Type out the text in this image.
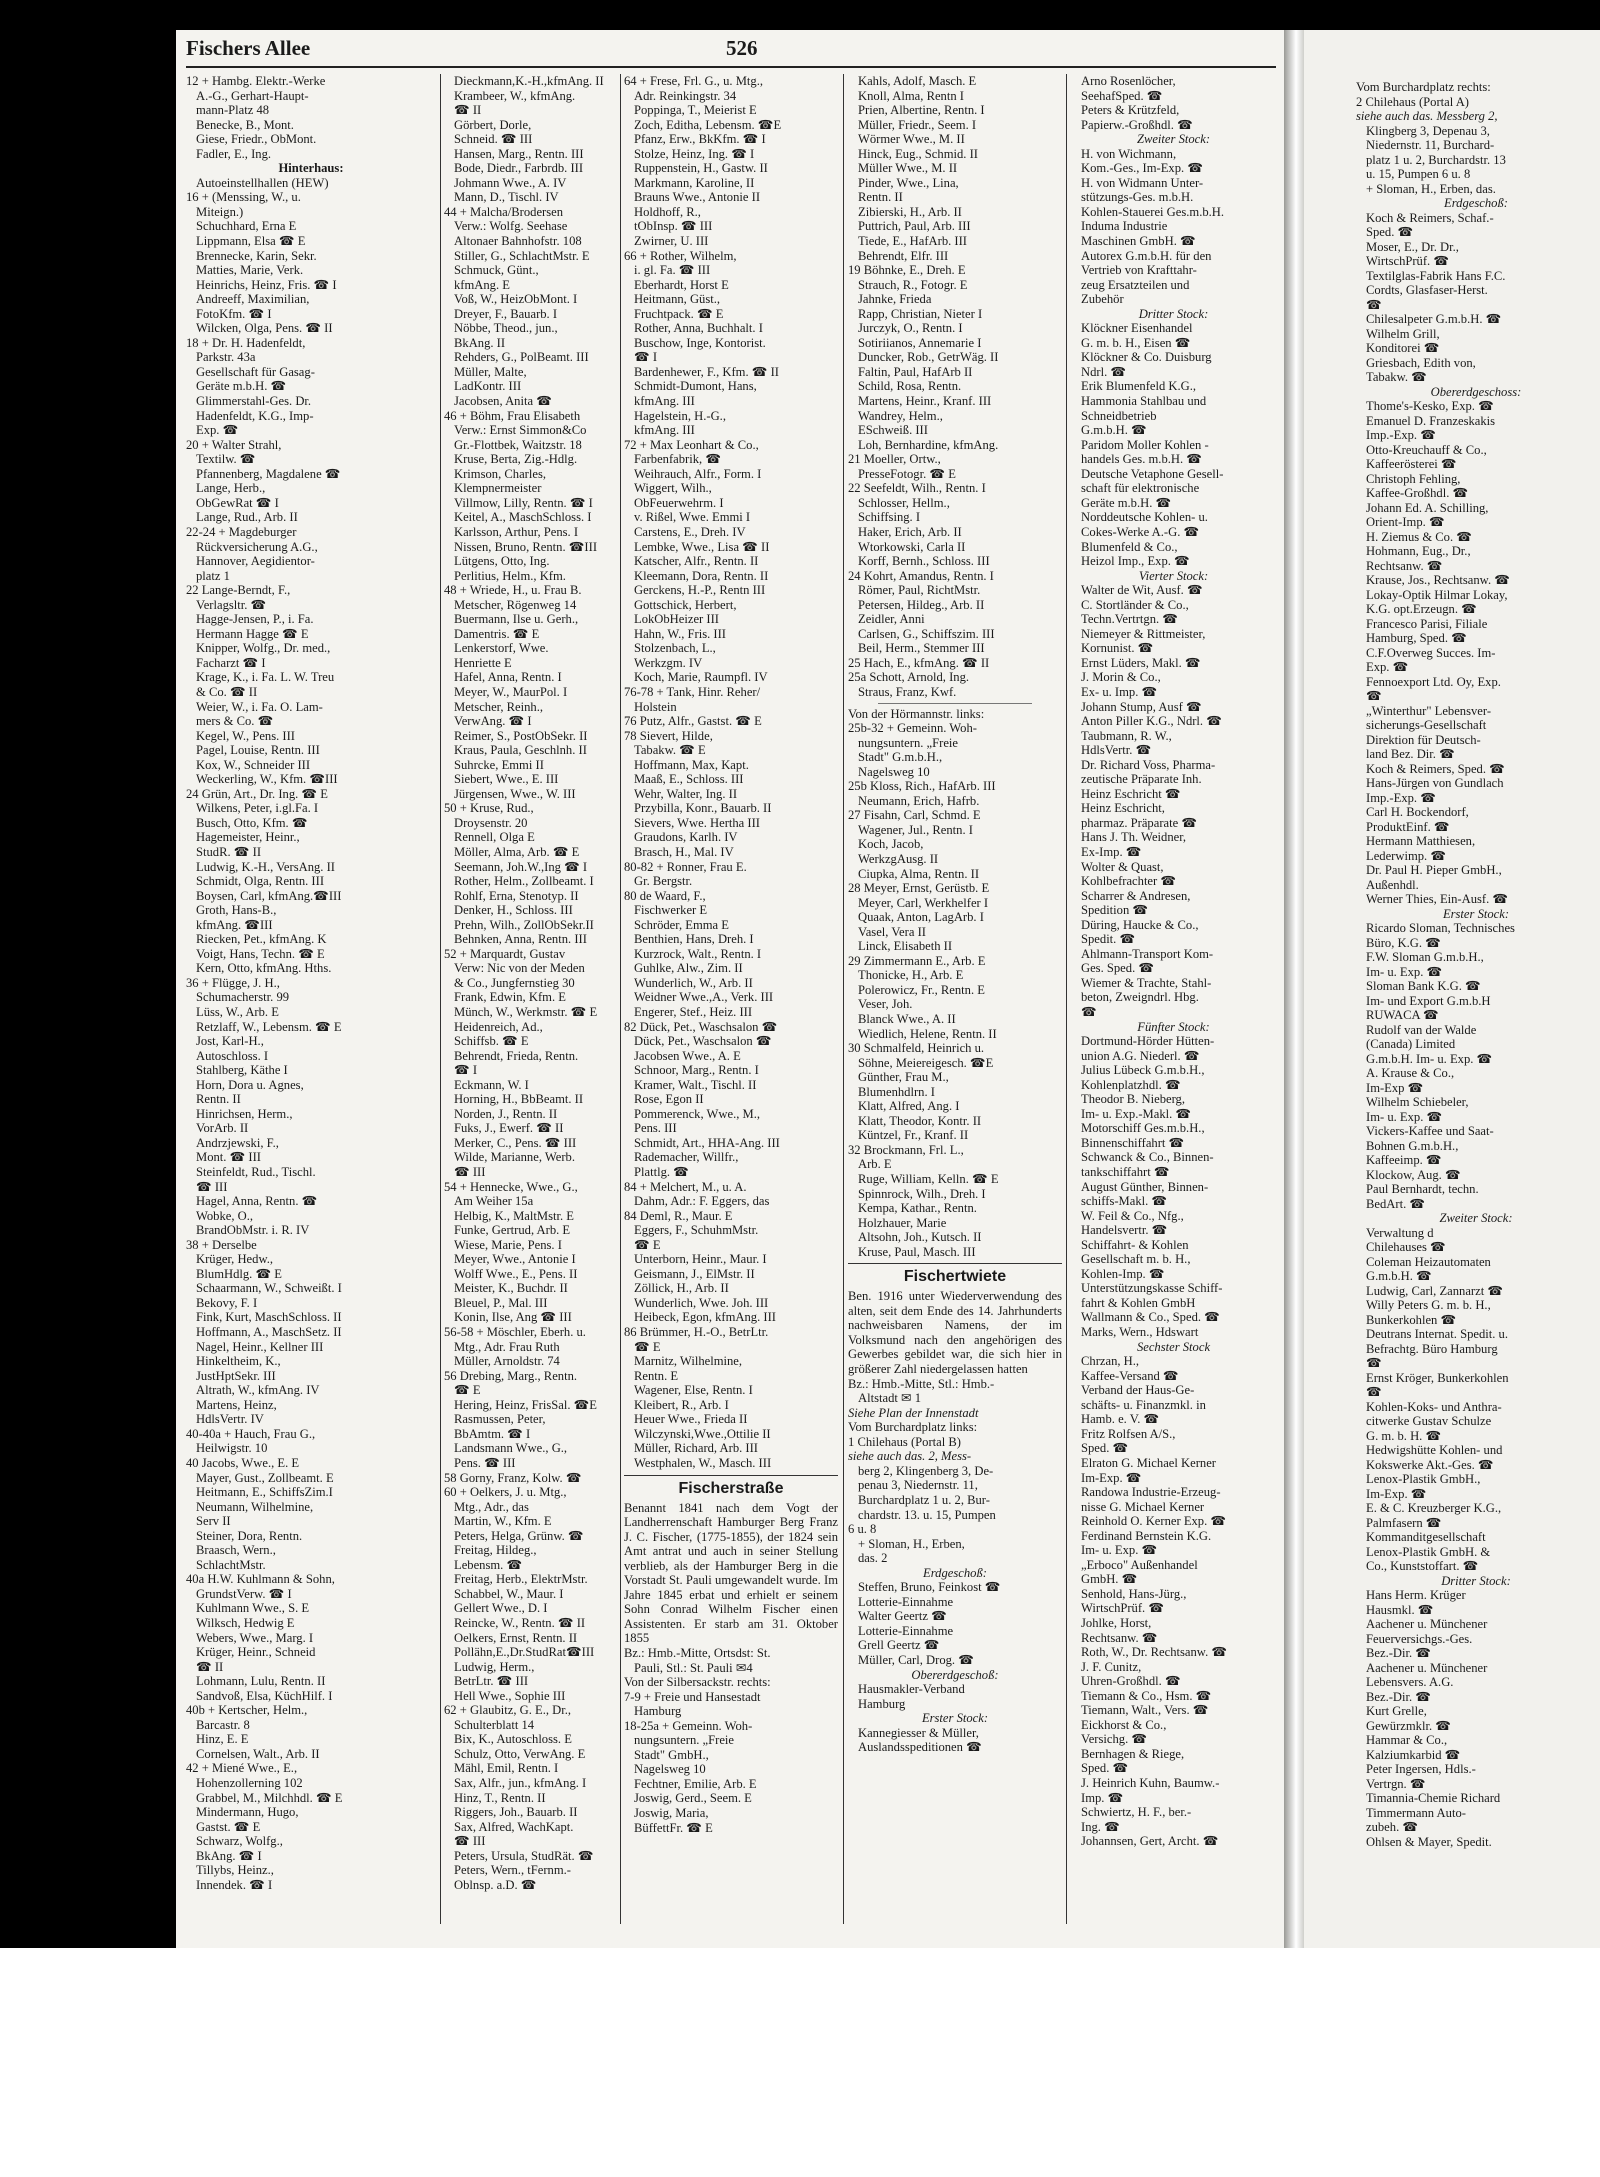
Fischers Allee	526
12 + Hambg. Elektr.-Werke
A.-G., Gerhart-Haupt-
mann-Platz 48
Benecke, B., Mont.
Giese, Friedr., ObMont.
Fadler, E., Ing.
Hinterhaus:
Autoeinstellhallen (HEW)
16 + (Menssing, W., u.
Miteign.)
Schuchhard, Erna E
Lippmann, Elsa ☎ E
Brennecke, Karin, Sekr.
Matties, Marie, Verk.
Heinrichs, Heinz, Fris. ☎ I
Andreeff, Maximilian,
FotoKfm. ☎ I
Wilcken, Olga, Pens. ☎ II
18 + Dr. H. Hadenfeldt,
Parkstr. 43a
Gesellschaft für Gasag-
Geräte m.b.H. ☎
Glimmerstahl-Ges. Dr.
Hadenfeldt, K.G., Imp-
Exp. ☎
20 + Walter Strahl,
Textilw. ☎
Pfannenberg, Magdalene ☎
Lange, Herb.,
ObGewRat ☎ I
Lange, Rud., Arb. II
22-24 + Magdeburger
Rückversicherung A.G.,
Hannover, Aegidientor-
platz 1
22 Lange-Berndt, F.,
Verlagsltr. ☎
Hagge-Jensen, P., i. Fa.
Hermann Hagge ☎ E
Knipper, Wolfg., Dr. med.,
Facharzt ☎ I
Krage, K., i. Fa. L. W. Treu
& Co. ☎ II
Weier, W., i. Fa. O. Lam-
mers & Co. ☎
Kegel, W., Pens. III
Pagel, Louise, Rentn. III
Kox, W., Schneider III
Weckerling, W., Kfm. ☎III
24 Grün, Art., Dr. Ing. ☎ E
Wilkens, Peter, i.gl.Fa. I
Busch, Otto, Kfm. ☎
Hagemeister, Heinr.,
StudR. ☎ II
Ludwig, K.-H., VersAng. II
Schmidt, Olga, Rentn. III
Boysen, Carl, kfmAng.☎III
Groth, Hans-B.,
kfmAng. ☎III
Riecken, Pet., kfmAng. K
Voigt, Hans, Techn. ☎ E
Kern, Otto, kfmAng. Hths.
36 + Flügge, J. H.,
Schumacherstr. 99
Lüss, W., Arb. E
Retzlaff, W., Lebensm. ☎ E
Jost, Karl-H.,
Autoschloss. I
Stahlberg, Käthe I
Horn, Dora u. Agnes,
Rentn. II
Hinrichsen, Herm.,
VorArb. II
Andrzjewski, F.,
Mont. ☎ III
Steinfeldt, Rud., Tischl.
☎ III
Hagel, Anna, Rentn. ☎
Wobke, O.,
BrandObMstr. i. R. IV
38 + Derselbe
Krüger, Hedw.,
BlumHdlg. ☎ E
Schaarmann, W., Schweißt. I
Bekovy, F. I
Fink, Kurt, MaschSchloss. II
Hoffmann, A., MaschSetz. II
Nagel, Heinr., Kellner III
Hinkeltheim, K.,
JustHptSekr. III
Altrath, W., kfmAng. IV
Martens, Heinz,
HdlsVertr. IV
40-40a + Hauch, Frau G.,
Heilwigstr. 10
40 Jacobs, Wwe., E. E
Mayer, Gust., Zollbeamt. E
Heitmann, E., SchiffsZim.I
Neumann, Wilhelmine,
Serv II
Steiner, Dora, Rentn.
Braasch, Wern.,
SchlachtMstr.
40a H.W. Kuhlmann & Sohn,
GrundstVerw. ☎ I
Kuhlmann Wwe., S. E
Wilksch, Hedwig E
Webers, Wwe., Marg. I
Krüger, Heinr., Schneid
☎ II
Lohmann, Lulu, Rentn. II
Sandvoß, Elsa, KüchHilf. I
40b + Kertscher, Helm.,
Barcastr. 8
Hinz, E. E
Cornelsen, Walt., Arb. II
42 + Miené Wwe., E.,
Hohenzollerning 102
Grabbel, M., Milchhdl. ☎ E
Mindermann, Hugo,
Gastst. ☎ E
Schwarz, Wolfg.,
BkAng. ☎ I
Tillybs, Heinz.,
Innendek. ☎ I
Dieckmann,K.-H.,kfmAng. II
Krambeer, W., kfmAng.
☎ II
Görbert, Dorle,
Schneid. ☎ III
Hansen, Marg., Rentn. III
Bode, Diedr., Farbrdb. III
Johmann Wwe., A. IV
Mann, D., Tischl. IV
44 + Malcha/Brodersen
Verw.: Wolfg. Seehase
Altonaer Bahnhofstr. 108
Stiller, G., SchlachtMstr. E
Schmuck, Günt.,
kfmAng. E
Voß, W., HeizObMont. I
Dreyer, F., Bauarb. I
Nöbbe, Theod., jun.,
BkAng. II
Rehders, G., PolBeamt. III
Müller, Malte,
LadKontr. III
Jacobsen, Anita ☎
46 + Böhm, Frau Elisabeth
Verw.: Ernst Simmon&Co
Gr.-Flottbek, Waitzstr. 18
Kruse, Berta, Zig.-Hdlg.
Krimson, Charles,
Klempnermeister
Villmow, Lilly, Rentn. ☎ I
Keitel, A., MaschSchloss. I
Karlsson, Arthur, Pens. I
Nissen, Bruno, Rentn. ☎III
Lütgens, Otto, Ing.
Perlitius, Helm., Kfm.
48 + Wriede, H., u. Frau B.
Metscher, Rögenweg 14
Buermann, Ilse u. Gerh.,
Damentris. ☎ E
Lenkerstorf, Wwe.
Henriette E
Hafel, Anna, Rentn. I
Meyer, W., MaurPol. I
Metscher, Reinh.,
VerwAng. ☎ I
Reimer, S., PostObSekr. II
Kraus, Paula, Geschlnh. II
Suhrcke, Emmi II
Siebert, Wwe., E. III
Jürgensen, Wwe., W. III
50 + Kruse, Rud.,
Droysenstr. 20
Rennell, Olga E
Möller, Alma, Arb. ☎ E
Seemann, Joh.W.,Ing ☎ I
Rother, Helm., Zollbeamt. I
Rohlf, Erna, Stenotyp. II
Denker, H., Schloss. III
Prehn, Wilh., ZollObSekr.II
Behnken, Anna, Rentn. III
52 + Marquardt, Gustav
Verw: Nic von der Meden
& Co., Jungfernstieg 30
Frank, Edwin, Kfm. E
Münch, W., Werkmstr. ☎ E
Heidenreich, Ad.,
Schiffsb. ☎ E
Behrendt, Frieda, Rentn.
☎ I
Eckmann, W. I
Horning, H., BbBeamt. II
Norden, J., Rentn. II
Fuks, J., Ewerf. ☎ II
Merker, C., Pens. ☎ III
Wilde, Marianne, Werb.
☎ III
54 + Hennecke, Wwe., G.,
Am Weiher 15a
Helbig, K., MaltMstr. E
Funke, Gertrud, Arb. E
Wiese, Marie, Pens. I
Meyer, Wwe., Antonie I
Wolff Wwe., E., Pens. II
Meister, K., Buchdr. II
Bleuel, P., Mal. III
Konin, Ilse, Ang ☎ III
56-58 + Möschler, Eberh. u.
Mtg., Adr. Frau Ruth
Müller, Arnoldstr. 74
56 Drebing, Marg., Rentn.
☎ E
Hering, Heinz, FrisSal. ☎E
Rasmussen, Peter,
BbAmtm. ☎ I
Landsmann Wwe., G.,
Pens. ☎ III
58 Gorny, Franz, Kolw. ☎
60 + Oelkers, J. u. Mtg.,
Mtg., Adr., das
Martin, W., Kfm. E
Peters, Helga, Grünw. ☎
Freitag, Hildeg.,
Lebensm. ☎
Freitag, Herb., ElektrMstr.
Schabbel, W., Maur. I
Gellert Wwe., D. I
Reincke, W., Rentn. ☎ II
Oelkers, Ernst, Rentn. II
Pollähn,E.,Dr.StudRat☎III
Ludwig, Herm.,
BetrLtr. ☎ III
Hell Wwe., Sophie III
62 + Glaubitz, G. E., Dr.,
Schulterblatt 14
Bix, K., Autoschloss. E
Schulz, Otto, VerwAng. E
Mähl, Emil, Rentn. I
Sax, Alfr., jun., kfmAng. I
Hinz, T., Rentn. II
Riggers, Joh., Bauarb. II
Sax, Alfred, WachKapt.
☎ III
Peters, Ursula, StudRät. ☎
Peters, Wern., tFernm.-
Oblnsp. a.D. ☎
64 + Frese, Frl. G., u. Mtg.,
Adr. Reinkingstr. 34
Poppinga, T., Meierist E
Zoch, Editha, Lebensm. ☎E
Pfanz, Erw., BkKfm. ☎ I
Stolze, Heinz, Ing. ☎ I
Ruppenstein, H., Gastw. II
Markmann, Karoline, II
Brauns Wwe., Antonie II
Holdhoff, R.,
tObInsp. ☎ III
Zwirner, U. III
66 + Rother, Wilhelm,
i. gl. Fa. ☎ III
Eberhardt, Horst E
Heitmann, Güst.,
Fruchtpack. ☎ E
Rother, Anna, Buchhalt. I
Buschow, Inge, Kontorist.
☎ I
Bardenhewer, F., Kfm. ☎ II
Schmidt-Dumont, Hans,
kfmAng. III
Hagelstein, H.-G.,
kfmAng. III
72 + Max Leonhart & Co.,
Farbenfabrik, ☎
Weihrauch, Alfr., Form. I
Wiggert, Wilh.,
ObFeuerwehrm. I
v. Rißel, Wwe. Emmi I
Carstens, E., Dreh. IV
Lembke, Wwe., Lisa ☎ II
Katscher, Alfr., Rentn. II
Kleemann, Dora, Rentn. II
Gerckens, H.-P., Rentn III
Gottschick, Herbert,
LokObHeizer III
Hahn, W., Fris. III
Stolzenbach, L.,
Werkzgm. IV
Koch, Marie, Raumpfl. IV
76-78 + Tank, Hinr. Reher/
Holstein
76 Putz, Alfr., Gastst. ☎ E
78 Sievert, Hilde,
Tabakw. ☎ E
Hoffmann, Max, Kapt.
Maaß, E., Schloss. III
Wehr, Walter, Ing. II
Przybilla, Konr., Bauarb. II
Sievers, Wwe. Hertha III
Graudons, Karlh. IV
Brasch, H., Mal. IV
80-82 + Ronner, Frau E.
Gr. Bergstr.
80 de Waard, F.,
Fischwerker E
Schröder, Emma E
Benthien, Hans, Dreh. I
Kurzrock, Walt., Rentn. I
Guhlke, Alw., Zim. II
Wunderlich, W., Arb. II
Weidner Wwe.,A., Verk. III
Engerer, Stef., Heiz. III
82 Dück, Pet., Waschsalon ☎
Dück, Pet., Waschsalon ☎
Jacobsen Wwe., A. E
Schnoor, Marg., Rentn. I
Kramer, Walt., Tischl. II
Rose, Egon II
Pommerenck, Wwe., M.,
Pens. III
Schmidt, Art., HHA-Ang. III
Rademacher, Willfr.,
Plattlg. ☎
84 + Melchert, M., u. A.
Dahm, Adr.: F. Eggers, das
84 Deml, R., Maur. E
Eggers, F., SchuhmMstr.
☎ E
Unterborn, Heinr., Maur. I
Geismann, J., ElMstr. II
Zöllick, H., Arb. II
Wunderlich, Wwe. Joh. III
Heibeck, Egon, kfmAng. III
86 Brümmer, H.-O., BetrLtr.
☎ E
Marnitz, Wilhelmine,
Rentn. E
Wagener, Else, Rentn. I
Kleibert, R., Arb. I
Heuer Wwe., Frieda II
Wilczynski,Wwe.,Ottilie II
Müller, Richard, Arb. III
Westphalen, W., Masch. III
Fischerstraße
Benannt 1841 nach dem Vogt der Landherrenschaft Hamburger Berg Franz J. C. Fischer, (1775-1855), der 1824 sein Amt antrat und auch in seiner Stellung verblieb, als der Hamburger Berg in die Vorstadt St. Pauli umgewandelt wurde. Im Jahre 1845 erbat und erhielt er seinem Sohn Conrad Wilhelm Fischer einen Assistenten. Er starb am 31. Oktober 1855
Bz.: Hmb.-Mitte, Ortsdst: St.
Pauli, Stl.: St. Pauli ✉4
Von der Silbersackstr. rechts:
7-9 + Freie und Hansestadt
Hamburg
18-25a + Gemeinn. Woh-
nungsuntern. „Freie
Stadt" GmbH.,
Nagelsweg 10
Fechtner, Emilie, Arb. E
Joswig, Gerd., Seem. E
Joswig, Maria,
BüffettFr. ☎ E
Kahls, Adolf, Masch. E
Knoll, Alma, Rentn I
Prien, Albertine, Rentn. I
Müller, Friedr., Seem. I
Wörmer Wwe., M. II
Hinck, Eug., Schmid. II
Müller Wwe., M. II
Pinder, Wwe., Lina,
Rentn. II
Zibierski, H., Arb. II
Puttrich, Paul, Arb. III
Tiede, E., HafArb. III
Behrendt, Elfr. III
19 Böhnke, E., Dreh. E
Strauch, R., Fotogr. E
Jahnke, Frieda
Rapp, Christian, Nieter I
Jurczyk, O., Rentn. I
Sotiriianos, Annemarie I
Duncker, Rob., GetrWäg. II
Faltin, Paul, HafArb II
Schild, Rosa, Rentn.
Martens, Heinr., Kranf. III
Wandrey, Helm.,
ESchweiß. III
Loh, Bernhardine, kfmAng.
21 Moeller, Ortw.,
PresseFotogr. ☎ E
22 Seefeldt, Wilh., Rentn. I
Schlosser, Hellm.,
Schiffsing. I
Haker, Erich, Arb. II
Wtorkowski, Carla II
Korff, Bernh., Schloss. III
24 Kohrt, Amandus, Rentn. I
Römer, Paul, RichtMstr.
Petersen, Hildeg., Arb. II
Zeidler, Anni
Carlsen, G., Schiffszim. III
Beil, Herm., Stemmer III
25 Hach, E., kfmAng. ☎ II
25a Schott, Arnold, Ing.
Straus, Franz, Kwf.
Von der Hörmannstr. links:
25b-32 + Gemeinn. Woh-
nungsuntern. „Freie
Stadt" G.m.b.H.,
Nagelsweg 10
25b Kloss, Rich., HafArb. III
Neumann, Erich, Hafrb.
27 Fisahn, Carl, Schmd. E
Wagener, Jul., Rentn. I
Koch, Jacob,
WerkzgAusg. II
Ciupka, Alma, Rentn. II
28 Meyer, Ernst, Gerüstb. E
Meyer, Carl, Werkhelfer I
Quaak, Anton, LagArb. I
Vasel, Vera II
Linck, Elisabeth II
29 Zimmermann E., Arb. E
Thonicke, H., Arb. E
Polerowicz, Fr., Rentn. E
Veser, Joh.
Blanck Wwe., A. II
Wiedlich, Helene, Rentn. II
30 Schmalfeld, Heinrich u.
Söhne, Meiereigesch. ☎E
Günther, Frau M.,
Blumenhdlrn. I
Klatt, Alfred, Ang. I
Klatt, Theodor, Kontr. II
Küntzel, Fr., Kranf. II
32 Brockmann, Frl. L.,
Arb. E
Ruge, William, Kelln. ☎ E
Spinnrock, Wilh., Dreh. I
Kempa, Kathar., Rentn.
Holzhauer, Marie
Altsohn, Joh., Kutsch. II
Kruse, Paul, Masch. III
Fischertwiete
Ben. 1916 unter Wiederverwendung des alten, seit dem Ende des 14. Jahrhunderts nachweisbaren Namens, der im Volksmund nach den angehörigen des Gewerbes gebildet war, die sich hier in größerer Zahl niedergelassen hatten
Bz.: Hmb.-Mitte, Stl.: Hmb.-
Altstadt ✉ 1
Siehe Plan der Innenstadt
Vom Burchardplatz links:
1 Chilehaus (Portal B)
siehe auch das. 2, Mess-
berg 2, Klingenberg 3, De-
penau 3, Niedernstr. 11,
Burchardplatz 1 u. 2, Bur-
chardstr. 13. u. 15, Pumpen
6 u. 8
+ Sloman, H., Erben,
das. 2
Erdgeschoß:
Steffen, Bruno, Feinkost ☎
Lotterie-Einnahme
Walter Geertz ☎
Lotterie-Einnahme
Grell Geertz ☎
Müller, Carl, Drog. ☎
Obererdgeschoß:
Hausmakler-Verband
Hamburg
Erster Stock:
Kannegiesser & Müller,
Auslandsspeditionen ☎
Arno Rosenlöcher,
SeehafSped. ☎
Peters & Krützfeld,
Papierw.-Großhdl. ☎
Zweiter Stock:
H. von Wichmann,
Kom.-Ges., Im-Exp. ☎
H. von Widmann Unter-
stützungs-Ges. m.b.H.
Kohlen-Stauerei Ges.m.b.H.
Induma Industrie
Maschinen GmbH. ☎
Autorex G.m.b.H. für den
Vertrieb von Krafttahr-
zeug Ersatzteilen und
Zubehör
Dritter Stock:
Klöckner Eisenhandel
G. m. b. H., Eisen ☎
Klöckner & Co. Duisburg
Ndrl. ☎
Erik Blumenfeld K.G.,
Hammonia Stahlbau und
Schneidbetrieb
G.m.b.H. ☎
Paridom Moller Kohlen -
handels Ges. m.b.H. ☎
Deutsche Vetaphone Gesell-
schaft für elektronische
Geräte m.b.H. ☎
Norddeutsche Kohlen- u.
Cokes-Werke A.-G. ☎
Blumenfeld & Co.,
Heizol Imp., Exp. ☎
Vierter Stock:
Walter de Wit, Ausf. ☎
C. Stortländer & Co.,
Techn.Vertrtgn. ☎
Niemeyer & Rittmeister,
Kornunist. ☎
Ernst Lüders, Makl. ☎
J. Morin & Co.,
Ex- u. Imp. ☎
Johann Stump, Ausf ☎
Anton Piller K.G., Ndrl. ☎
Taubmann, R. W.,
HdlsVertr. ☎
Dr. Richard Voss, Pharma-
zeutische Präparate Inh.
Heinz Eschricht ☎
Heinz Eschricht,
pharmaz. Präparate ☎
Hans J. Th. Weidner,
Ex-Imp. ☎
Wolter & Quast,
Kohlbefrachter ☎
Scharrer & Andresen,
Spedition ☎
Düring, Haucke & Co.,
Spedit. ☎
Ahlmann-Transport Kom-
Ges. Sped. ☎
Wiemer & Trachte, Stahl-
beton, Zweigndrl. Hbg.
☎
Fünfter Stock:
Dortmund-Hörder Hütten-
union A.G. Niederl. ☎
Julius Lübeck G.m.b.H.,
Kohlenplatzhdl. ☎
Theodor B. Nieberg,
Im- u. Exp.-Makl. ☎
Motorschiff Ges.m.b.H.,
Binnenschiffahrt ☎
Schwanck & Co., Binnen-
tankschiffahrt ☎
August Günther, Binnen-
schiffs-Makl. ☎
W. Feil & Co., Nfg.,
Handelsvertr. ☎
Schiffahrt- & Kohlen
Gesellschaft m. b. H.,
Kohlen-Imp. ☎
Unterstützungskasse Schiff-
fahrt & Kohlen GmbH
Wallmann & Co., Sped. ☎
Marks, Wern., Hdswart
Sechster Stock
Chrzan, H.,
Kaffee-Versand ☎
Verband der Haus-Ge-
schäfts- u. Finanzmkl. in
Hamb. e. V. ☎
Fritz Rolfsen A/S.,
Sped. ☎
Elraton G. Michael Kerner
Im-Exp. ☎
Randowa Industrie-Erzeug-
nisse G. Michael Kerner
Reinhold O. Kerner Exp. ☎
Ferdinand Bernstein K.G.
Im- u. Exp. ☎
„Erboco" Außenhandel
GmbH. ☎
Senhold, Hans-Jürg.,
WirtschPrüf. ☎
Johlke, Horst,
Rechtsanw. ☎
Roth, W., Dr. Rechtsanw. ☎
J. F. Cunitz,
Uhren-Großhdl. ☎
Tiemann & Co., Hsm. ☎
Tiemann, Walt., Vers. ☎
Eickhorst & Co.,
Versichg. ☎
Bernhagen & Riege,
Sped. ☎
J. Heinrich Kuhn, Baumw.-
Imp. ☎
Schwiertz, H. F., ber.-
Ing. ☎
Johannsen, Gert, Archt. ☎
Vom Burchardplatz rechts:
2 Chilehaus (Portal A)
siehe auch das. Messberg 2,
Klingberg 3, Depenau 3,
Niedernstr. 11, Burchard-
platz 1 u. 2, Burchardstr. 13
u. 15, Pumpen 6 u. 8
+ Sloman, H., Erben, das.
Erdgeschoß:
Koch & Reimers, Schaf.-
Sped. ☎
Moser, E., Dr. Dr.,
WirtschPrüf. ☎
Textilglas-Fabrik Hans F.C.
Cordts, Glasfaser-Herst.
☎
Chilesalpeter G.m.b.H. ☎
Wilhelm Grill,
Konditorei ☎
Griesbach, Edith von,
Tabakw. ☎
Obererdgeschoss:
Thome's-Kesko, Exp. ☎
Emanuel D. Franzeskakis
Imp.-Exp. ☎
Otto-Kreuchauff & Co.,
Kaffeerösterei ☎
Christoph Fehling,
Kaffee-Großhdl. ☎
Johann Ed. A. Schilling,
Orient-Imp. ☎
H. Ziemus & Co. ☎
Hohmann, Eug., Dr.,
Rechtsanw. ☎
Krause, Jos., Rechtsanw. ☎
Lokay-Optik Hilmar Lokay,
K.G. opt.Erzeugn. ☎
Francesco Parisi, Filiale
Hamburg, Sped. ☎
C.F.Overweg Succes. Im-
Exp. ☎
Fennoexport Ltd. Oy, Exp.
☎
„Winterthur" Lebensver-
sicherungs-Gesellschaft
Direktion für Deutsch-
land Bez. Dir. ☎
Koch & Reimers, Sped. ☎
Hans-Jürgen von Gundlach
Imp.-Exp. ☎
Carl H. Bockendorf,
ProduktEinf. ☎
Hermann Matthiesen,
Lederwimp. ☎
Dr. Paul H. Pieper GmbH.,
Außenhdl.
Werner Thies, Ein-Ausf. ☎
Erster Stock:
Ricardo Sloman, Technisches
Büro, K.G. ☎
F.W. Sloman G.m.b.H.,
Im- u. Exp. ☎
Sloman Bank K.G. ☎
Im- und Export G.m.b.H
RUWACA ☎
Rudolf van der Walde
(Canada) Limited
G.m.b.H. Im- u. Exp. ☎
A. Krause & Co.,
Im-Exp ☎
Wilhelm Schiebeler,
Im- u. Exp. ☎
Vickers-Kaffee und Saat-
Bohnen G.m.b.H.,
Kaffeeimp. ☎
Klockow, Aug. ☎
Paul Bernhardt, techn.
BedArt. ☎
Zweiter Stock:
Verwaltung d
Chilehauses ☎
Coleman Heizautomaten
G.m.b.H. ☎
Ludwig, Carl, Zannarzt ☎
Willy Peters G. m. b. H.,
Bunkerkohlen ☎
Deutrans Internat. Spedit. u.
Befrachtg. Büro Hamburg
☎
Ernst Kröger, Bunkerkohlen
☎
Kohlen-Koks- und Anthra-
citwerke Gustav Schulze
G. m. b. H. ☎
Hedwigshütte Kohlen- und
Kokswerke Akt.-Ges. ☎
Lenox-Plastik GmbH.,
Im-Exp. ☎
E. & C. Kreuzberger K.G.,
Palmfasern ☎
Kommanditgesellschaft
Lenox-Plastik GmbH. &
Co., Kunststoffart. ☎
Dritter Stock:
Hans Herm. Krüger
Hausmkl. ☎
Aachener u. Münchener
Feuerversichgs.-Ges.
Bez.-Dir. ☎
Aachener u. Münchener
Lebensvers. A.G.
Bez.-Dir. ☎
Kurt Grelle,
Gewürzmklr. ☎
Hammar & Co.,
Kalziumkarbid ☎
Peter Ingersen, Hdls.-
Vertrgn. ☎
Timannia-Chemie Richard
Timmermann Auto-
zubeh. ☎
Ohlsen & Mayer, Spedit.
